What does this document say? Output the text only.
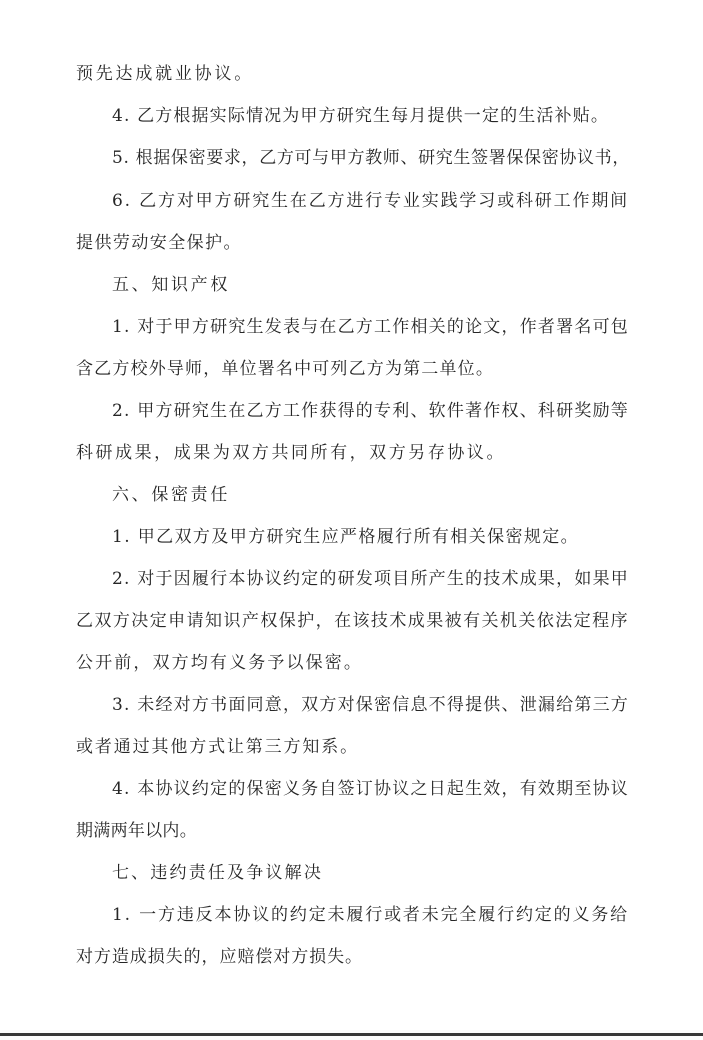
预先达成就业协议。
4. 乙方根据实际情况为甲方研究生每月提供一定的生活补贴。
5. 根据保密要求，乙方可与甲方教师、研究生签署保保密协议书，
6. 乙方对甲方研究生在乙方进行专业实践学习或科研工作期间
提供劳动安全保护。
五、知识产权
1. 对于甲方研究生发表与在乙方工作相关的论文，作者署名可包
含乙方校外导师，单位署名中可列乙方为第二单位。
2. 甲方研究生在乙方工作获得的专利、软件著作权、科研奖励等
科研成果，成果为双方共同所有，双方另存协议。
六、保密责任
1. 甲乙双方及甲方研究生应严格履行所有相关保密规定。
2. 对于因履行本协议约定的研发项目所产生的技术成果，如果甲
乙双方决定申请知识产权保护，在该技术成果被有关机关依法定程序
公开前，双方均有义务予以保密。
3. 未经对方书面同意，双方对保密信息不得提供、泄漏给第三方
或者通过其他方式让第三方知系。
4. 本协议约定的保密义务自签订协议之日起生效，有效期至协议
期满两年以内。
七、违约责任及争议解决
1. 一方违反本协议的约定未履行或者未完全履行约定的义务给
对方造成损失的，应赔偿对方损失。
